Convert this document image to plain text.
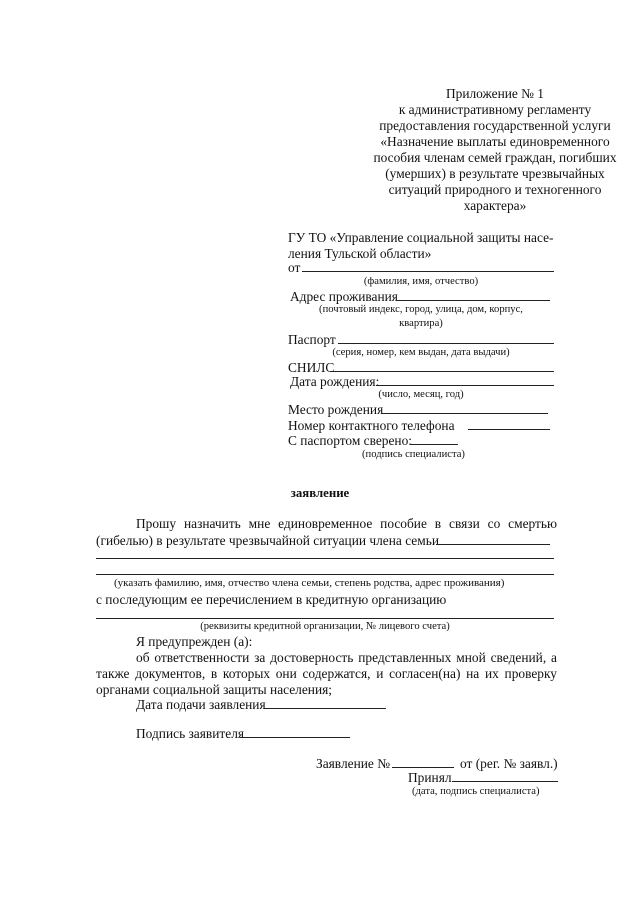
Приложение № 1
к административному регламенту
предоставления государственной услуги
«Назначение выплаты единовременного
пособия членам семей граждан, погибших
(умерших) в результате чрезвычайных
ситуаций природного и техногенного
характера»
ГУ ТО «Управление социальной защиты насе-
ления Тульской области»
от
(фамилия, имя, отчество)
Адрес проживания
(почтовый индекс, город, улица, дом, корпус,
квартира)
Паспорт
(серия, номер, кем выдан, дата выдачи)
СНИЛС
Дата рождения:
(число, месяц, год)
Место рождения
Номер контактного телефона
С паспортом сверено:
(подпись специалиста)
заявление
Прошу назначить мне единовременное пособие в связи со смертью
(гибелью) в результате чрезвычайной ситуации члена семьи
(указать фамилию, имя, отчество члена семьи, степень родства, адрес проживания)
с последующим ее перечислением в кредитную организацию
(реквизиты кредитной организации, № лицевого счета)
Я предупрежден (а):
об ответственности за достоверность представленных мной сведений, а
также документов, в которых они содержатся, и согласен(на) на их проверку
органами социальной защиты населения;
Дата подачи заявления
Подпись заявителя
Заявление №	от (рег. № заявл.)
Принял
(дата, подпись специалиста)
